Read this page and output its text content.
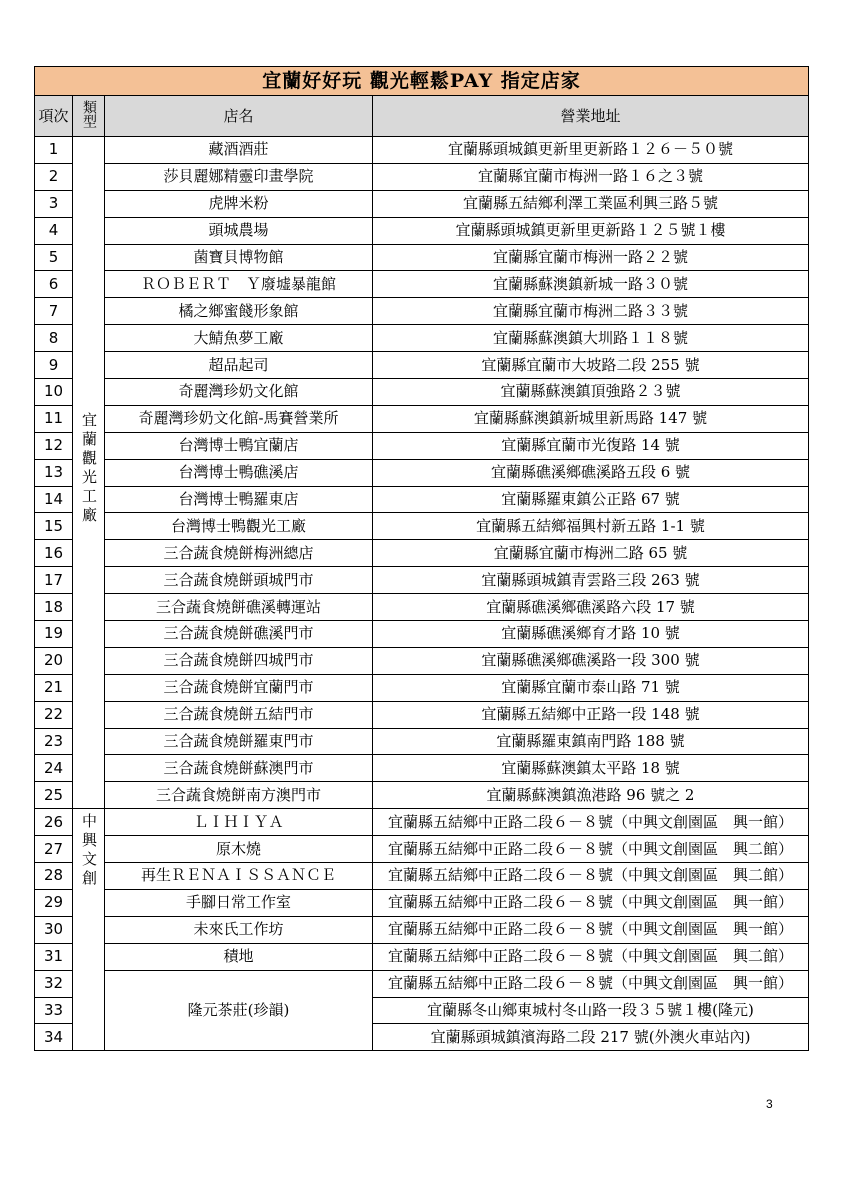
宜蘭好好玩 觀光輕鬆PAY 指定店家			
項次	類型	店名	營業地址
1	宜蘭觀光工廠	藏酒酒莊	宜蘭縣頭城鎮更新里更新路１２６－５０號
2		莎貝麗娜精靈印畫學院	宜蘭縣宜蘭市梅洲一路１６之３號
3		虎牌米粉	宜蘭縣五結鄉利澤工業區利興三路５號
4		頭城農場	宜蘭縣頭城鎮更新里更新路１２５號１樓
5		菌寶貝博物館	宜蘭縣宜蘭市梅洲一路２２號
6		ＲＯＢＥＲＴ　Ｙ廢墟暴龍館	宜蘭縣蘇澳鎮新城一路３０號
7		橘之鄉蜜餞形象館	宜蘭縣宜蘭市梅洲二路３３號
8		大鯖魚夢工廠	宜蘭縣蘇澳鎮大圳路１１８號
9		超品起司	宜蘭縣宜蘭市大坡路二段 255 號
10		奇麗灣珍奶文化館	宜蘭縣蘇澳鎮頂強路２３號
11		奇麗灣珍奶文化館-馬賽營業所	宜蘭縣蘇澳鎮新城里新馬路 147 號
12		台灣博士鴨宜蘭店	宜蘭縣宜蘭市光復路 14 號
13		台灣博士鴨礁溪店	宜蘭縣礁溪鄉礁溪路五段 6 號
14		台灣博士鴨羅東店	宜蘭縣羅東鎮公正路 67 號
15		台灣博士鴨觀光工廠	宜蘭縣五結鄉福興村新五路 1-1 號
16		三合蔬食燒餅梅洲總店	宜蘭縣宜蘭市梅洲二路 65 號
17		三合蔬食燒餅頭城門市	宜蘭縣頭城鎮青雲路三段 263 號
18		三合蔬食燒餅礁溪轉運站	宜蘭縣礁溪鄉礁溪路六段 17 號
19		三合蔬食燒餅礁溪門市	宜蘭縣礁溪鄉育才路 10 號
20		三合蔬食燒餅四城門市	宜蘭縣礁溪鄉礁溪路一段 300 號
21		三合蔬食燒餅宜蘭門市	宜蘭縣宜蘭市泰山路 71 號
22		三合蔬食燒餅五結門市	宜蘭縣五結鄉中正路一段 148 號
23		三合蔬食燒餅羅東門市	宜蘭縣羅東鎮南門路 188 號
24		三合蔬食燒餅蘇澳門市	宜蘭縣蘇澳鎮太平路 18 號
25		三合蔬食燒餅南方澳門市	宜蘭縣蘇澳鎮漁港路 96 號之 2
26	中興文創	ＬＩＨＩＹＡ	宜蘭縣五結鄉中正路二段６－８號（中興文創園區　興一館）
27		原木燒	宜蘭縣五結鄉中正路二段６－８號（中興文創園區　興二館）
28		再生ＲＥＮＡＩＳＳＡＮＣＥ	宜蘭縣五結鄉中正路二段６－８號（中興文創園區　興二館）
29		手腳日常工作室	宜蘭縣五結鄉中正路二段６－８號（中興文創園區　興一館）
30		未來氏工作坊	宜蘭縣五結鄉中正路二段６－８號（中興文創園區　興一館）
31		積地	宜蘭縣五結鄉中正路二段６－８號（中興文創園區　興二館）
32		隆元茶莊(珍韻)	宜蘭縣五結鄉中正路二段６－８號（中興文創園區　興一館）
33			宜蘭縣冬山鄉東城村冬山路一段３５號１樓(隆元)
34			宜蘭縣頭城鎮濱海路二段 217 號(外澳火車站內)
3
